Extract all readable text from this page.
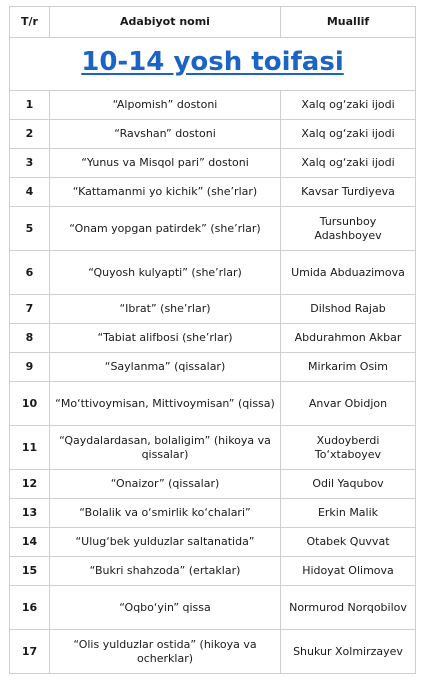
T/r	Adabiyot nomi	Muallif
10-14 yosh toifasi		
1	“Alpomish” dostoni	Xalq og‘zaki ijodi
2	“Ravshan” dostoni	Xalq og‘zaki ijodi
3	“Yunus va Misqol pari” dostoni	Xalq og‘zaki ijodi
4	“Kattamanmi yo kichik” (she’rlar)	Kavsar Turdiyeva
5	“Onam yopgan patirdek” (she’rlar)	Tursunboy Adashboyev
6	“Quyosh kulyapti” (she’rlar)	Umida Abduazimova
7	“Ibrat” (she’rlar)	Dilshod Rajab
8	“Tabiat alifbosi (she’rlar)	Abdurahmon Akbar
9	“Saylanma” (qissalar)	Mirkarim Osim
10	“Mo‘ttivoymisan, Mittivoymisan” (qissa)	Anvar Obidjon
11	“Qaydalardasan, bolaligim” (hikoya va qissalar)	Xudoyberdi To‘xtaboyev
12	“Onaizor” (qissalar)	Odil Yaqubov
13	“Bolalik va o‘smirlik ko‘chalari”	Erkin Malik
14	“Ulug‘bek yulduzlar saltanatida”	Otabek Quvvat
15	“Bukri shahzoda” (ertaklar)	Hidoyat Olimova
16	“Oqbo‘yin” qissa	Normurod Norqobilov
17	“Olis yulduzlar ostida” (hikoya va ocherklar)	Shukur Xolmirzayev
